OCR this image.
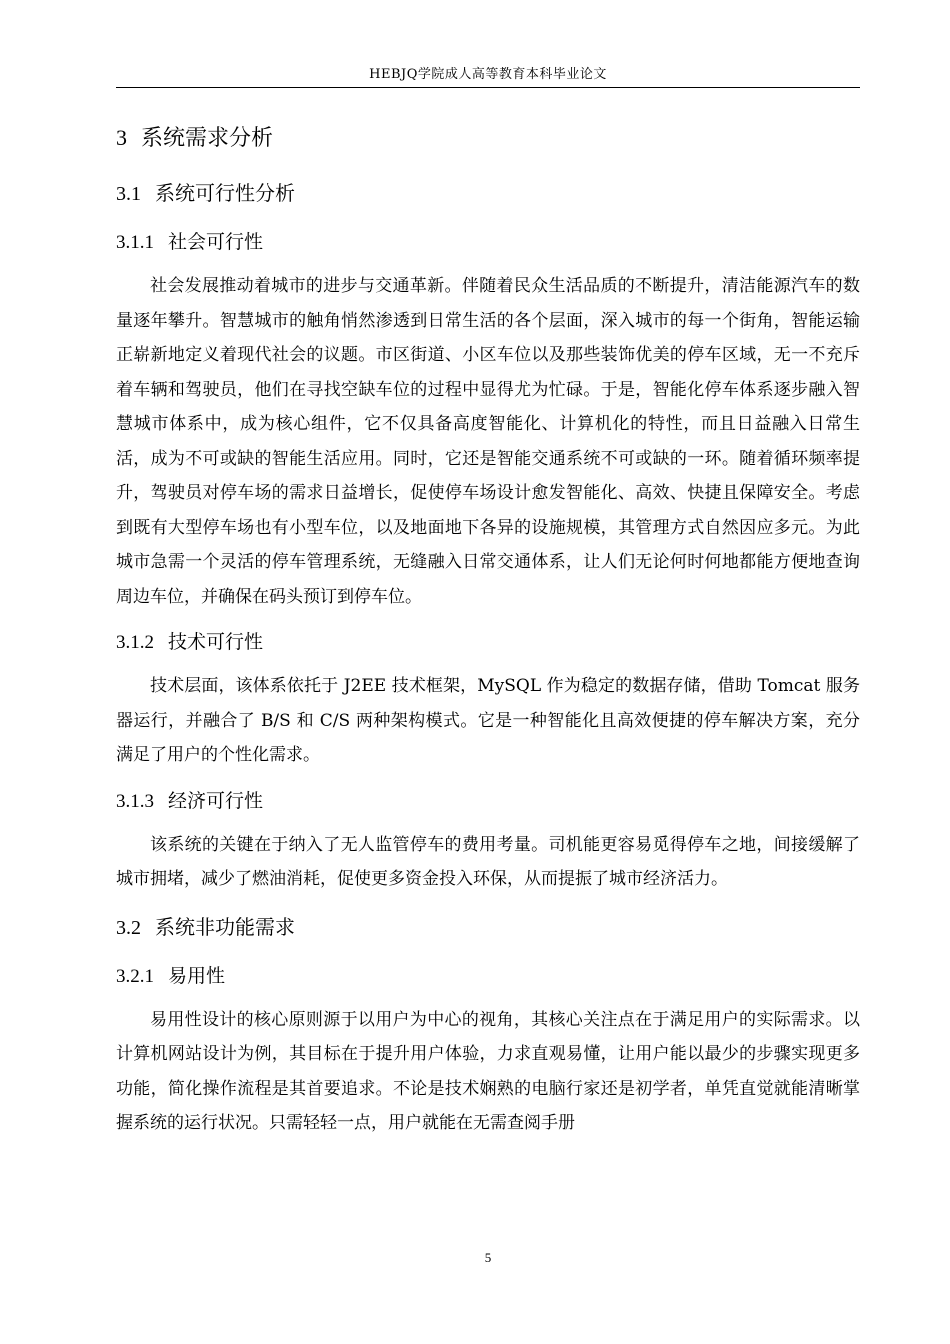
HEBJQ学院成人高等教育本科毕业论文
3 系统需求分析
3.1 系统可行性分析
3.1.1 社会可行性

社会发展推动着城市的进步与交通革新。伴随着民众生活品质的不断提升，清洁能源汽车的数量逐年攀升。智慧城市的触角悄然渗透到日常生活的各个层面，深入城市的每一个街角，智能运输正崭新地定义着现代社会的议题。市区街道、小区车位以及那些装饰优美的停车区域，无一不充斥着车辆和驾驶员，他们在寻找空缺车位的过程中显得尤为忙碌。于是，智能化停车体系逐步融入智慧城市体系中，成为核心组件，它不仅具备高度智能化、计算机化的特性，而且日益融入日常生活，成为不可或缺的智能生活应用。同时，它还是智能交通系统不可或缺的一环。随着循环频率提升，驾驶员对停车场的需求日益增长，促使停车场设计愈发智能化、高效、快捷且保障安全。考虑到既有大型停车场也有小型车位，以及地面地下各异的设施规模，其管理方式自然因应多元。为此城市急需一个灵活的停车管理系统，无缝融入日常交通体系，让人们无论何时何地都能方便地查询周边车位，并确保在码头预订到停车位。

3.1.2 技术可行性

技术层面，该体系依托于 J2EE 技术框架，MySQL 作为稳定的数据存储，借助 Tomcat 服务器运行，并融合了 B/S 和 C/S 两种架构模式。它是一种智能化且高效便捷的停车解决方案，充分满足了用户的个性化需求。

3.1.3 经济可行性

该系统的关键在于纳入了无人监管停车的费用考量。司机能更容易觅得停车之地，间接缓解了城市拥堵，减少了燃油消耗，促使更多资金投入环保，从而提振了城市经济活力。

3.2 系统非功能需求
3.2.1 易用性

易用性设计的核心原则源于以用户为中心的视角，其核心关注点在于满足用户的实际需求。以计算机网站设计为例，其目标在于提升用户体验，力求直观易懂，让用户能以最少的步骤实现更多功能，简化操作流程是其首要追求。不论是技术娴熟的电脑行家还是初学者，单凭直觉就能清晰掌握系统的运行状况。只需轻轻一点，用户就能在无需查阅手册

5
